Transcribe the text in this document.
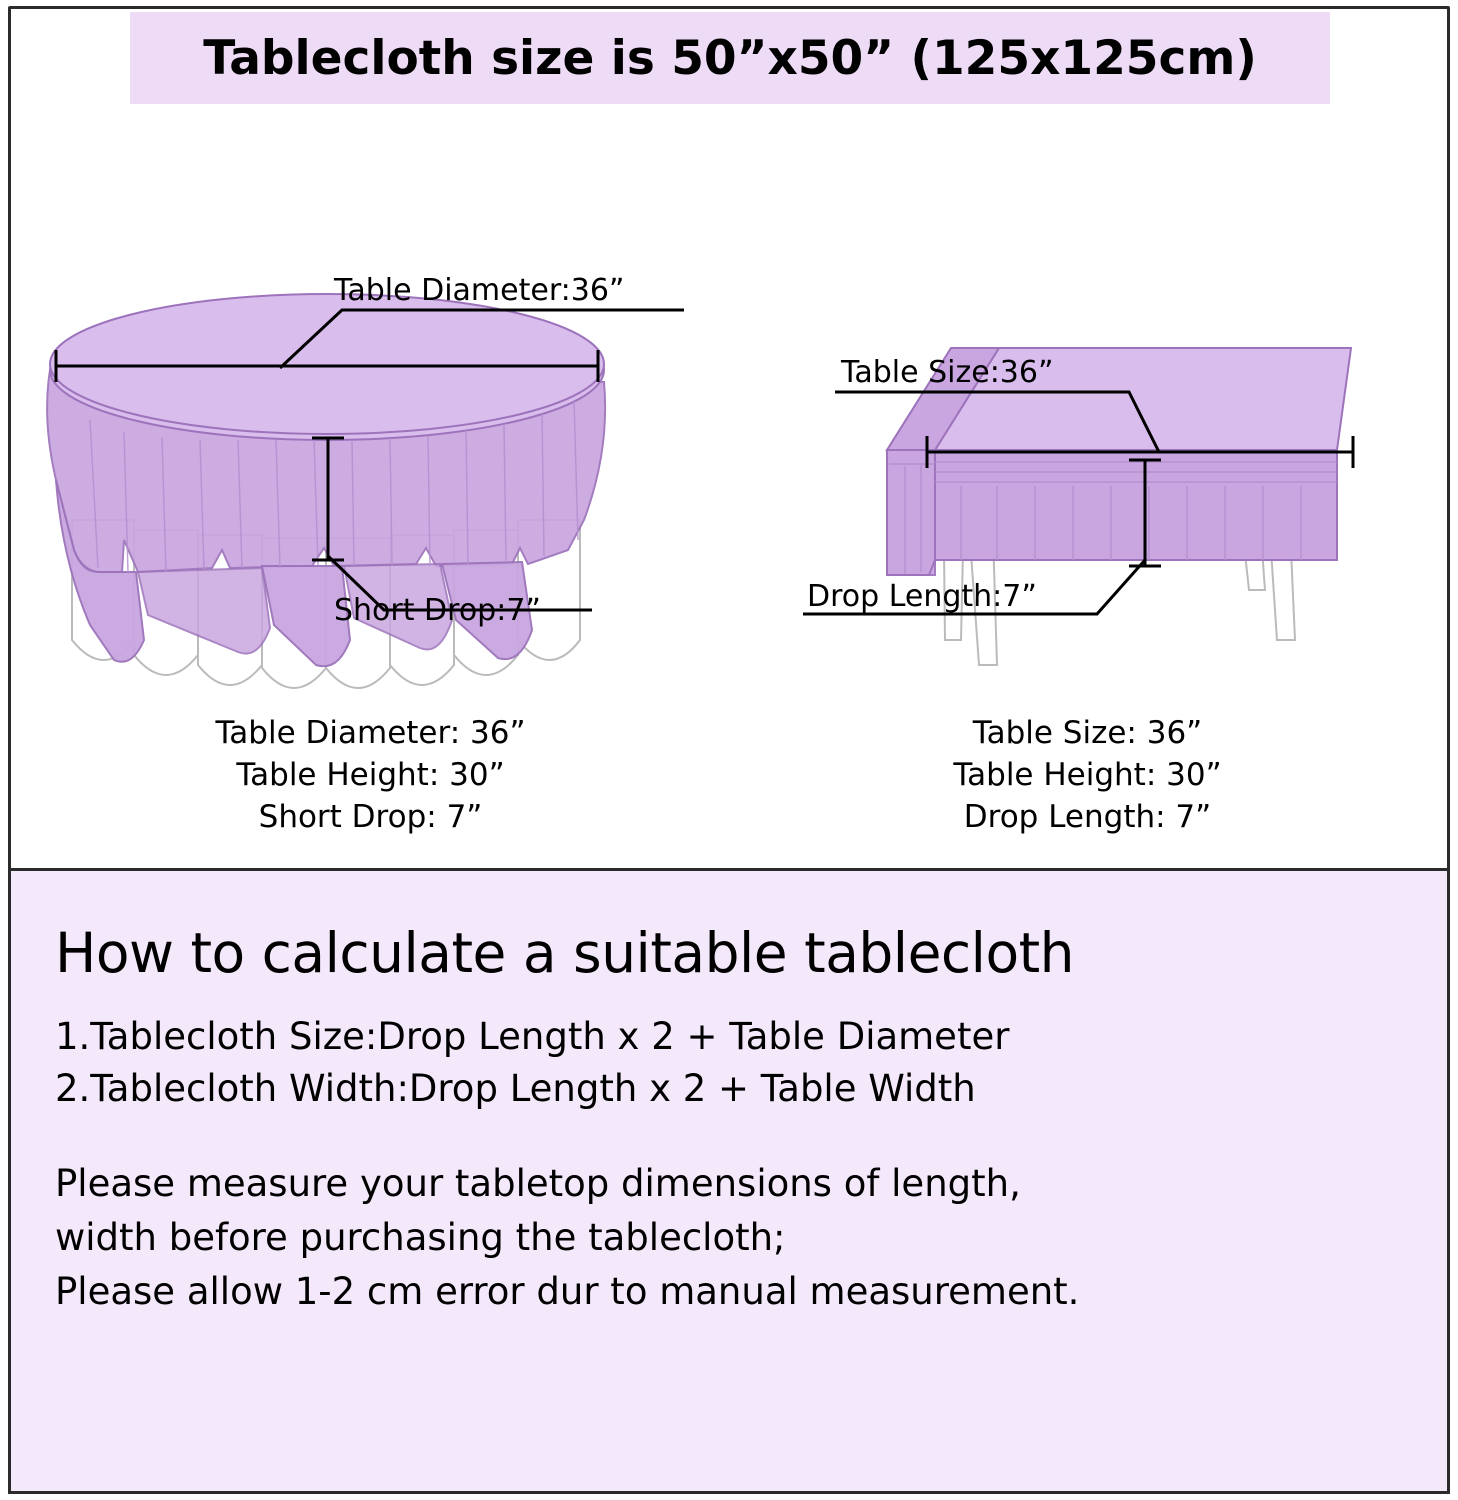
Tablecloth size is 50”x50” (125x125cm)
Table Diameter:36”
Short Drop:7”
Table Diameter: 36”
Table Height: 30”
Short Drop: 7”
Table Size:36”
Drop Length:7”
Table Size: 36”
Table Height: 30”
Drop Length: 7”
How to calculate a suitable tablecloth
1.Tablecloth Size:Drop Length x 2 + Table Diameter
2.Tablecloth Width:Drop Length x 2 + Table Width
Please measure your tabletop dimensions of length,
width before purchasing the tablecloth;
Please allow 1-2 cm error dur to manual measurement.
